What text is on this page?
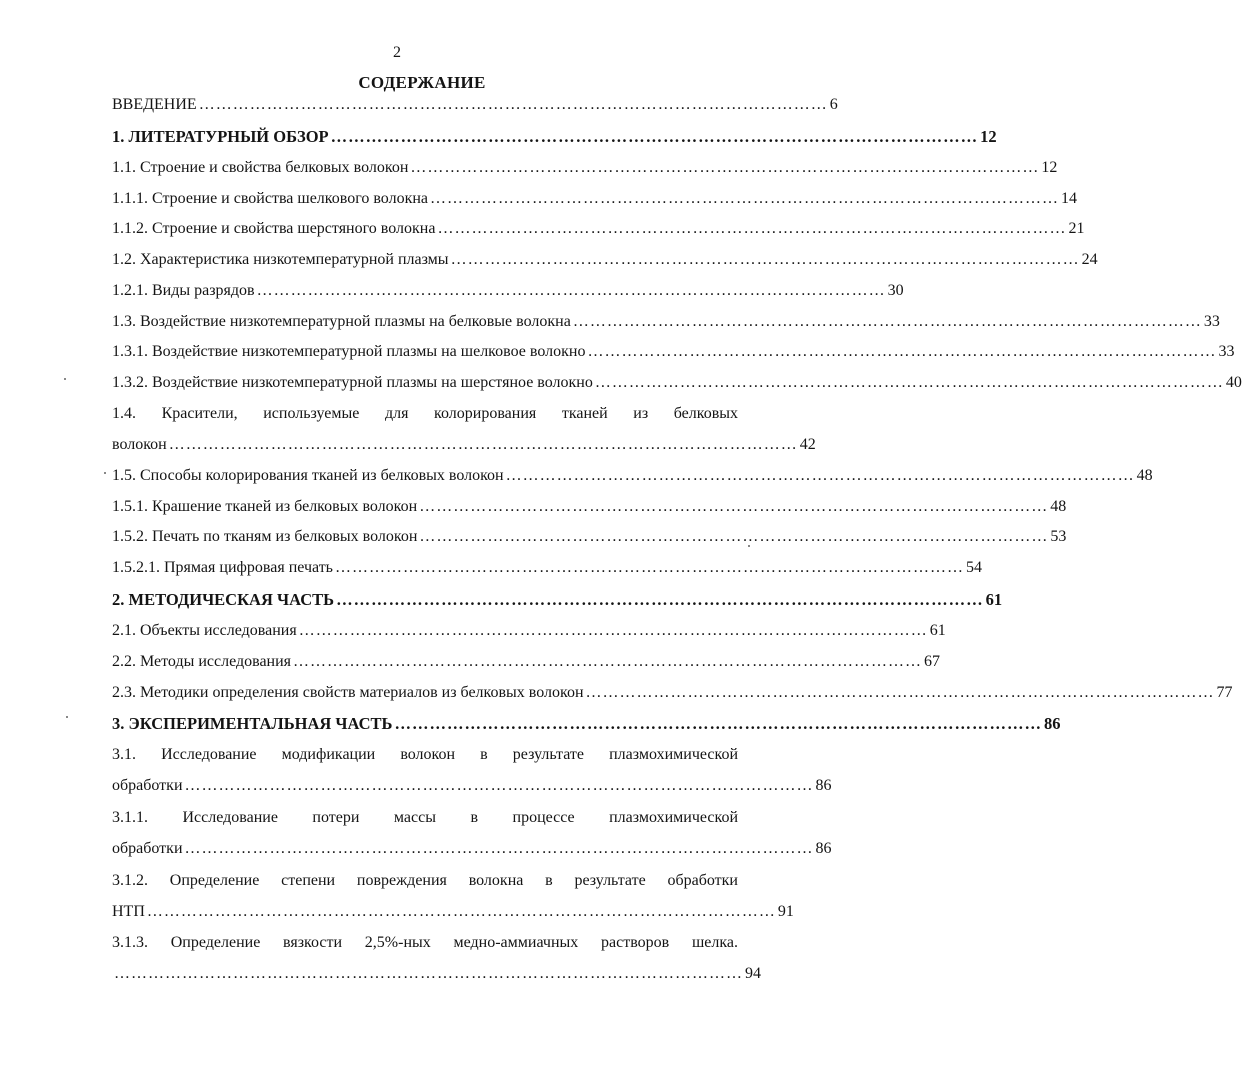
2
СОДЕРЖАНИЕ
ВВЕДЕНИЕ ………………………………………………………………………………………………… 6
1. ЛИТЕРАТУРНЫЙ ОБЗОР ………………………………………………………………………………………………… 12
1.1. Строение и свойства белковых волокон ………………………………………………………………………………………………… 12
1.1.1. Строение и свойства шелкового волокна ………………………………………………………………………………………………… 14
1.1.2. Строение и свойства шерстяного волокна ………………………………………………………………………………………………… 21
1.2. Характеристика низкотемпературной плазмы ………………………………………………………………………………………………… 24
1.2.1. Виды разрядов ………………………………………………………………………………………………… 30
1.3. Воздействие низкотемпературной плазмы на белковые волокна ………………………………………………………………………………………………… 33
1.3.1. Воздействие низкотемпературной плазмы на шелковое волокно ………………………………………………………………………………………………… 33
1.3.2. Воздействие низкотемпературной плазмы на шерстяное волокно ………………………………………………………………………………………………… 40
1.4. Красители, используемые для колорирования тканей из белковых
волокон ………………………………………………………………………………………………… 42
1.5. Способы колорирования тканей из белковых волокон ………………………………………………………………………………………………… 48
1.5.1. Крашение тканей из белковых волокон ………………………………………………………………………………………………… 48
1.5.2. Печать по тканям из белковых волокон ………………………………………………………………………………………………… 53
1.5.2.1. Прямая цифровая печать ………………………………………………………………………………………………… 54
2. МЕТОДИЧЕСКАЯ ЧАСТЬ ………………………………………………………………………………………………… 61
2.1. Объекты исследования ………………………………………………………………………………………………… 61
2.2. Методы исследования ………………………………………………………………………………………………… 67
2.3. Методики определения свойств материалов из белковых волокон ………………………………………………………………………………………………… 77
3. ЭКСПЕРИМЕНТАЛЬНАЯ ЧАСТЬ ………………………………………………………………………………………………… 86
3.1. Исследование модификации волокон в результате плазмохимической
обработки ………………………………………………………………………………………………… 86
3.1.1. Исследование потери массы в процессе плазмохимической
обработки ………………………………………………………………………………………………… 86
3.1.2. Определение степени повреждения волокна в результате обработки
НТП ………………………………………………………………………………………………… 91
3.1.3. Определение вязкости 2,5%-ных медно-аммиачных растворов шелка.
………………………………………………………………………………………………… 94
